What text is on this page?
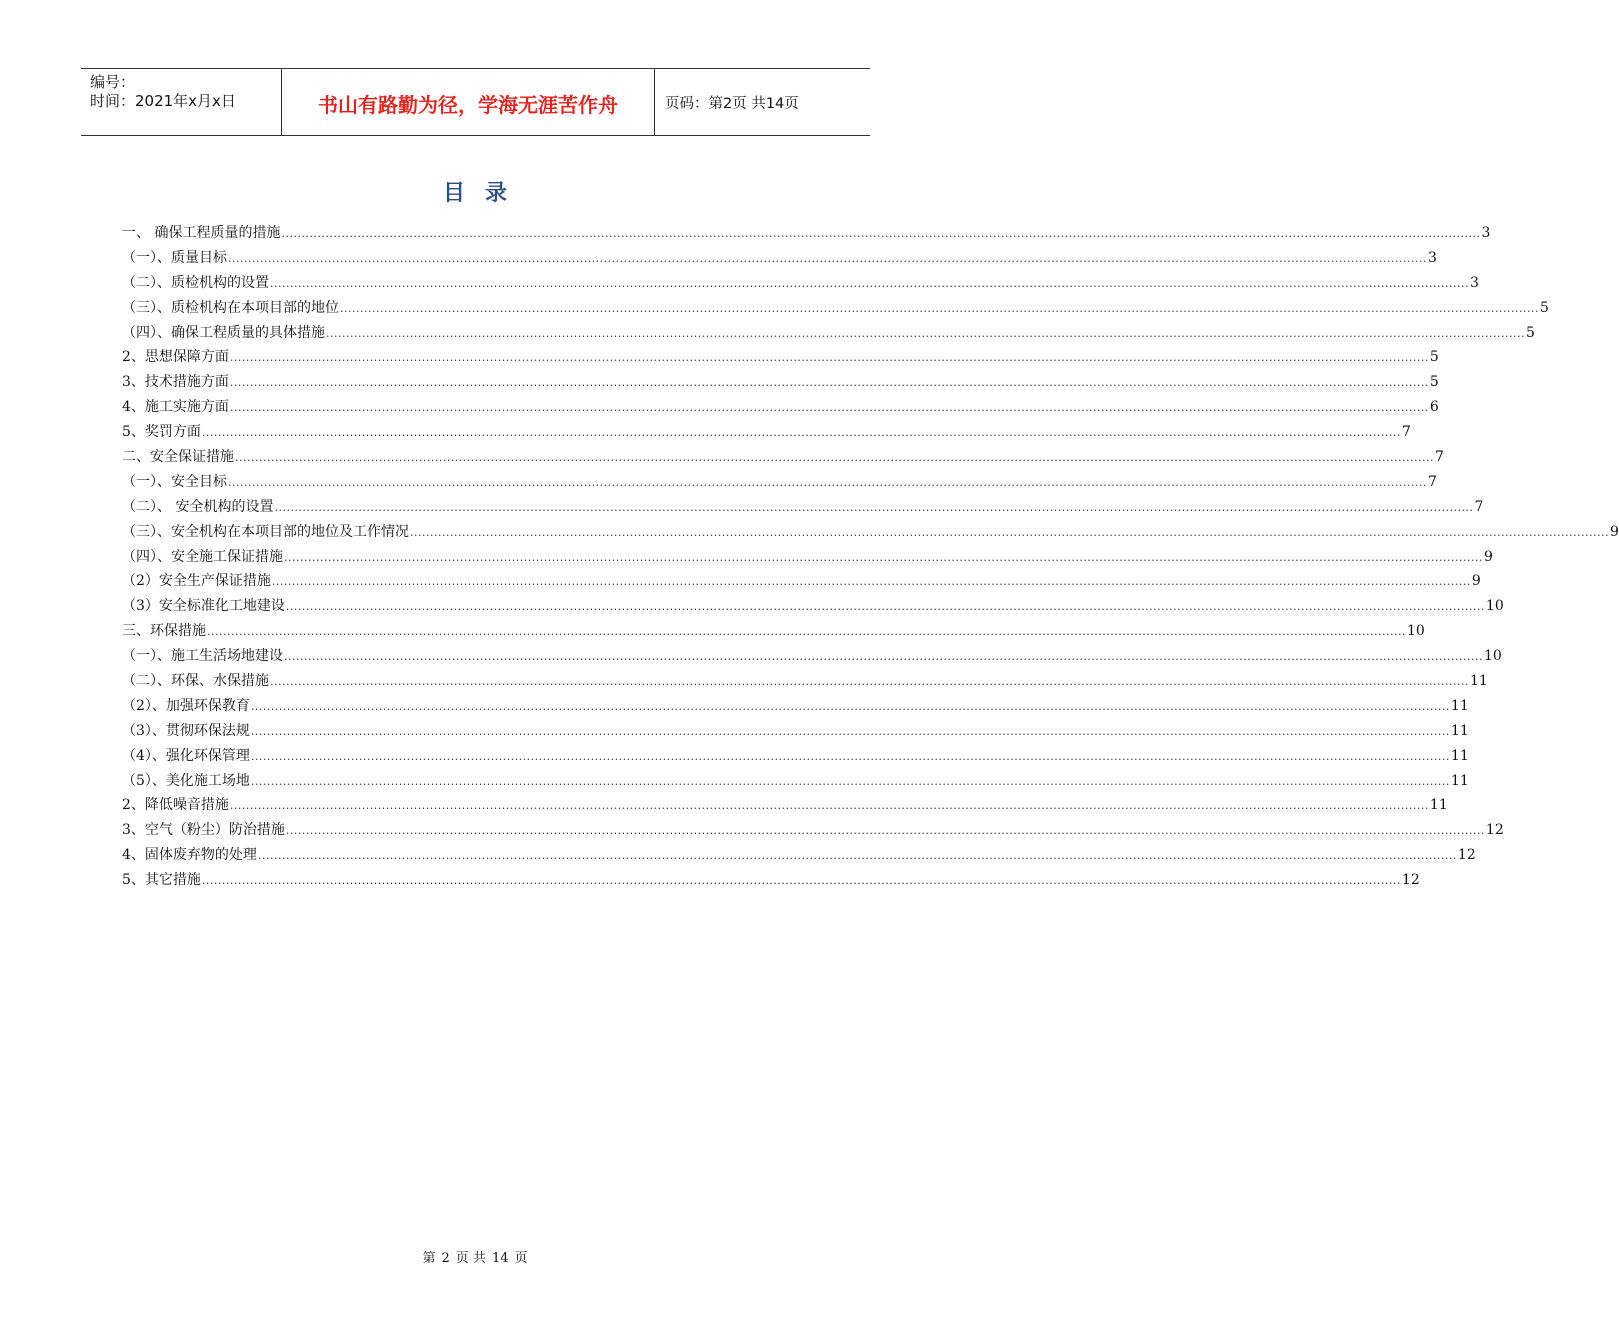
编号：
时间：2021年x月x日	书山有路勤为径，学海无涯苦作舟	页码：第2页 共14页
目录
一、 确保工程质量的措施 ............................................................................................................................................................................................................................................................................................................ 3
（一）、质量目标 ............................................................................................................................................................................................................................................................................................................ 3
（二）、质检机构的设置 ............................................................................................................................................................................................................................................................................................................ 3
（三）、质检机构在本项目部的地位 ............................................................................................................................................................................................................................................................................................................ 5
（四）、确保工程质量的具体措施 ............................................................................................................................................................................................................................................................................................................ 5
2、思想保障方面 ............................................................................................................................................................................................................................................................................................................ 5
3、技术措施方面 ............................................................................................................................................................................................................................................................................................................ 5
4、施工实施方面 ............................................................................................................................................................................................................................................................................................................ 6
5、奖罚方面 ............................................................................................................................................................................................................................................................................................................ 7
二、安全保证措施 ............................................................................................................................................................................................................................................................................................................ 7
（一）、安全目标 ............................................................................................................................................................................................................................................................................................................ 7
（二）、 安全机构的设置 ............................................................................................................................................................................................................................................................................................................ 7
（三）、安全机构在本项目部的地位及工作情况 ............................................................................................................................................................................................................................................................................................................ 9
（四）、安全施工保证措施 ............................................................................................................................................................................................................................................................................................................ 9
（2）安全生产保证措施 ............................................................................................................................................................................................................................................................................................................ 9
（3）安全标准化工地建设 ............................................................................................................................................................................................................................................................................................................ 10
三、环保措施 ............................................................................................................................................................................................................................................................................................................ 10
（一）、施工生活场地建设 ............................................................................................................................................................................................................................................................................................................ 10
（二）、环保、水保措施 ............................................................................................................................................................................................................................................................................................................ 11
（2）、加强环保教育 ............................................................................................................................................................................................................................................................................................................ 11
（3）、贯彻环保法规 ............................................................................................................................................................................................................................................................................................................ 11
（4）、强化环保管理 ............................................................................................................................................................................................................................................................................................................ 11
（5）、美化施工场地 ............................................................................................................................................................................................................................................................................................................ 11
2、降低噪音措施 ............................................................................................................................................................................................................................................................................................................ 11
3、空气（粉尘）防治措施 ............................................................................................................................................................................................................................................................................................................ 12
4、固体废弃物的处理 ............................................................................................................................................................................................................................................................................................................ 12
5、其它措施 ............................................................................................................................................................................................................................................................................................................ 12
第 2 页 共 14 页
